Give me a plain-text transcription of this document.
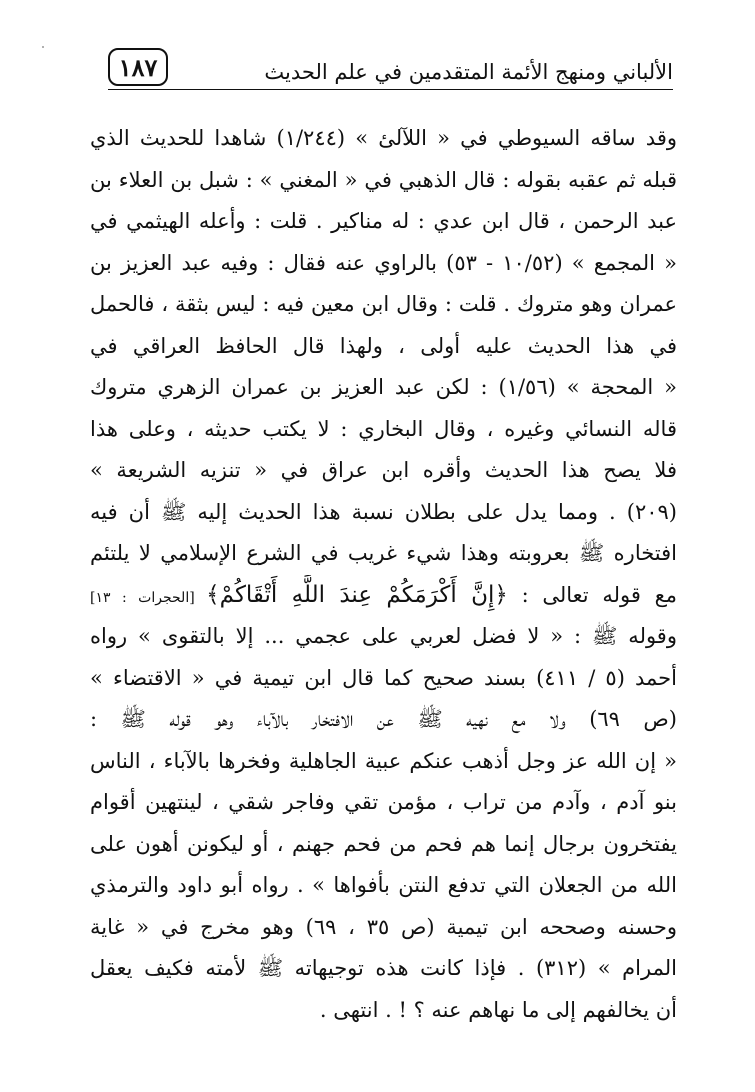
الألباني ومنهج الأئمة المتقدمين في علم الحديث
١٨٧
وقد ساقه السيوطي في « اللآلئ » (١/٢٤٤) شاهدا للحديث الذي
قبله ثم عقبه بقوله : قال الذهبي في « المغني » : شبل بن العلاء بن
عبد الرحمن ، قال ابن عدي : له مناكير . قلت : وأعله الهيثمي في
« المجمع » (١٠/٥٢ - ٥٣) بالراوي عنه فقال : وفيه عبد العزيز بن
عمران وهو متروك . قلت : وقال ابن معين فيه : ليس بثقة ، فالحمل
في هذا الحديث عليه أولى ، ولهذا قال الحافظ العراقي في
« المحجة » (١/٥٦) : لكن عبد العزيز بن عمران الزهري متروك
قاله النسائي وغيره ، وقال البخاري : لا يكتب حديثه ، وعلى هذا
فلا يصح هذا الحديث وأقره ابن عراق في « تنزيه الشريعة »
(٢٠٩) . ومما يدل على بطلان نسبة هذا الحديث إليه ﷺ أن فيه
افتخاره ﷺ بعروبته وهذا شيء غريب في الشرع الإسلامي لا يلتئم
مع قوله تعالى : ﴿إِنَّ أَكْرَمَكُمْ عِندَ اللَّهِ أَتْقَاكُمْ﴾ [الحجرات : ١٣]
وقوله ﷺ : « لا فضل لعربي على عجمي ... إلا بالتقوى » رواه
أحمد (٥ / ٤١١) بسند صحيح كما قال ابن تيمية في « الاقتضاء »
(ص ٦٩) ولا مع نهيه ﷺ عن الافتخار بالآباء وهو قوله ﷺ :
« إن الله عز وجل أذهب عنكم عبية الجاهلية وفخرها بالآباء ، الناس
بنو آدم ، وآدم من تراب ، مؤمن تقي وفاجر شقي ، لينتهين أقوام
يفتخرون برجال إنما هم فحم من فحم جهنم ، أو ليكونن أهون على
الله من الجعلان التي تدفع النتن بأفواها » . رواه أبو داود والترمذي
وحسنه وصححه ابن تيمية (ص ٣٥ ، ٦٩) وهو مخرج في « غاية
المرام » (٣١٢) . فإذا كانت هذه توجيهاته ﷺ لأمته فكيف يعقل
أن يخالفهم إلى ما نهاهم عنه ؟ ! . انتهى .
